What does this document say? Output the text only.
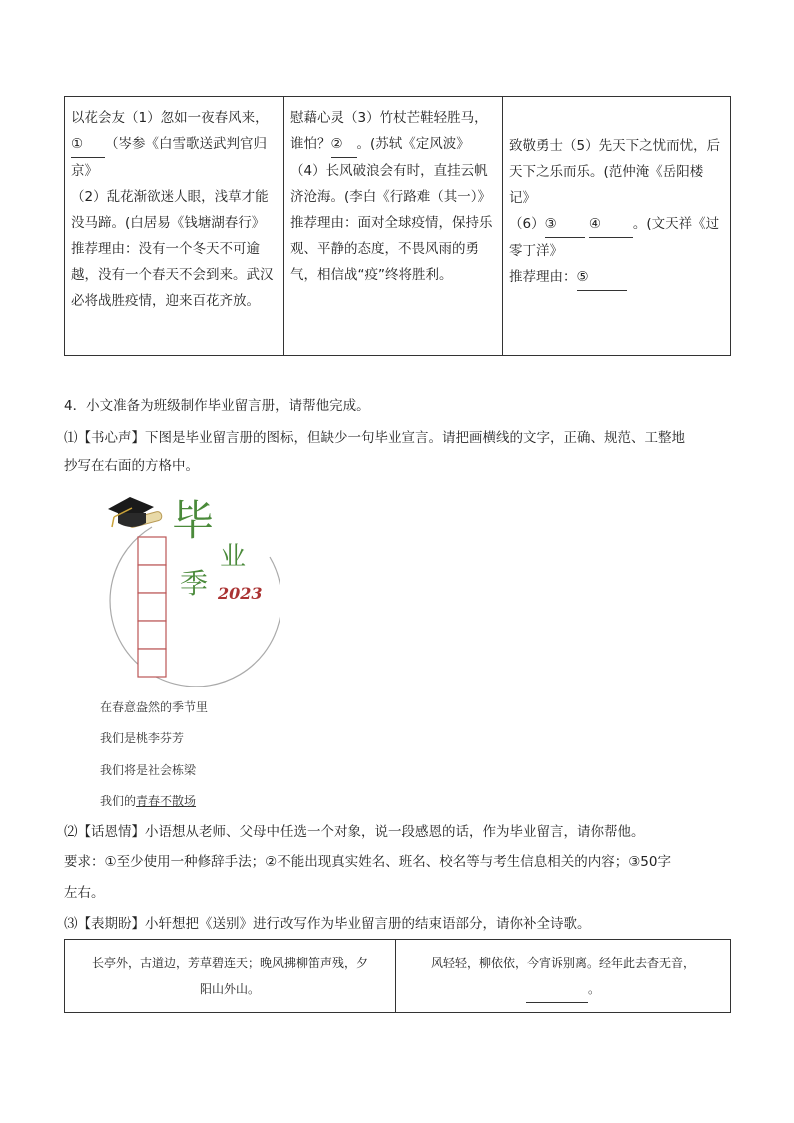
以花会友（1）忽如一夜春风来，
① （岑参《白雪歌送武判官归京》
（2）乱花渐欲迷人眼，浅草才能没马蹄。(白居易《钱塘湖春行》
推荐理由：没有一个冬天不可逾越，没有一个春天不会到来。武汉必将战胜疫情，迎来百花齐放。	慰藉心灵（3）竹杖芒鞋轻胜马，谁怕？② 。(苏轼《定风波》
（4）长风破浪会有时，直挂云帆济沧海。(李白《行路难（其一）》
推荐理由：面对全球疫情，保持乐观、平静的态度，不畏风雨的勇气，相信战“疫”终将胜利。	致敬勇士（5）先天下之忧而忧，后天下之乐而乐。(范仲淹《岳阳楼记》
（6）③ ④ 。(文天祥《过零丁洋》
推荐理由：⑤
4．小文准备为班级制作毕业留言册，请帮他完成。
⑴【书心声】下图是毕业留言册的图标，但缺少一句毕业宣言。请把画横线的文字，正确、规范、工整地
抄写在右面的方格中。
毕
业
季 2023
在春意盎然的季节里
我们是桃李芬芳
我们将是社会栋梁
我们的青春不散场
⑵【话恩情】小语想从老师、父母中任选一个对象，说一段感恩的话，作为毕业留言，请你帮他。
要求：①至少使用一种修辞手法；②不能出现真实姓名、班名、校名等与考生信息相关的内容；③50字
左右。
⑶【表期盼】小轩想把《送别》进行改写作为毕业留言册的结束语部分，请你补全诗歌。
长亭外，古道边，芳草碧连天；晚风拂柳笛声残，夕
阳山外山。	风轻轻，柳依依，今宵诉别离。经年此去杳无音，
。
